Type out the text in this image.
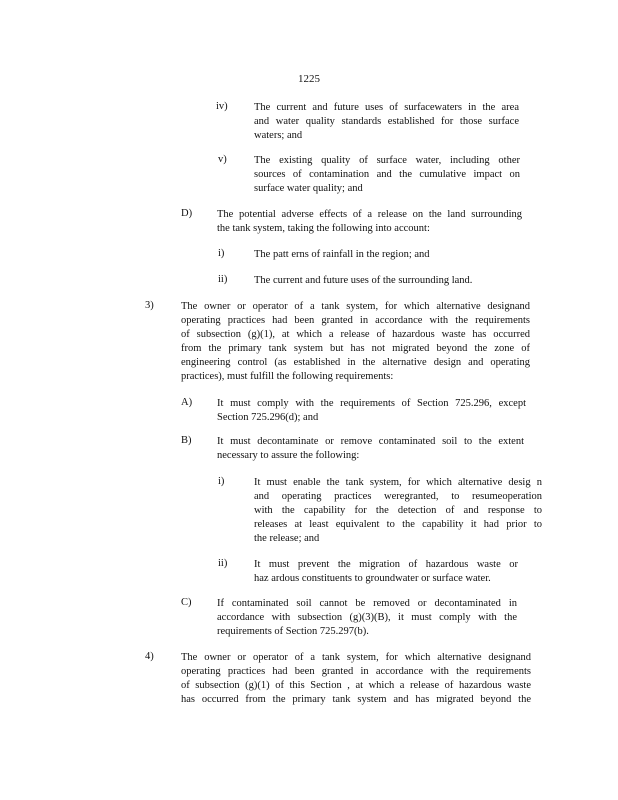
1225
iv)	The current and future uses of surfacewaters in the area
and water quality standards established for those surface
waters; and
v)	The existing quality of surface water, including other
sources of contamination and the cumulative impact on
surface water quality; and
D) The potential adverse effects of a release on the land surrounding
the tank system, taking the following into account:
i)	The patt erns of rainfall in the region; and
ii)	The current and future uses of the surrounding land.
3)	The owner or operator of a tank system, for which alternative designand
operating practices had been granted in accordance with the requirements
of subsection (g)(1), at which a release of hazardous waste has occurred
from the primary tank system but has not migrated beyond the zone of
engineering control (as established in the alternative design and operating
practices), must fulfill the following requirements:
A) It must comply with the requirements of Section 725.296, except
Section 725.296(d); and
B) It must decontaminate or remove contaminated soil to the extent
necessary to assure the following:
i)	It must enable the tank system, for which alternative desig n
and operating practices weregranted, to resumeoperation
with the capability for the detection of and response to
releases at least equivalent to the capability it had prior to
the release; and
ii)	It must prevent the migration of hazardous waste or
haz ardous constituents to groundwater or surface water.
C) If contaminated soil cannot be removed or decontaminated in
accordance with subsection (g)(3)(B), it must comply with the
requirements of Section 725.297(b).
4)	The owner or operator of a tank system, for which alternative designand
operating practices had been granted in accordance with the requirements
of subsection (g)(1) of this Section , at which a release of hazardous waste
has occurred from the primary tank system and has migrated beyond the
